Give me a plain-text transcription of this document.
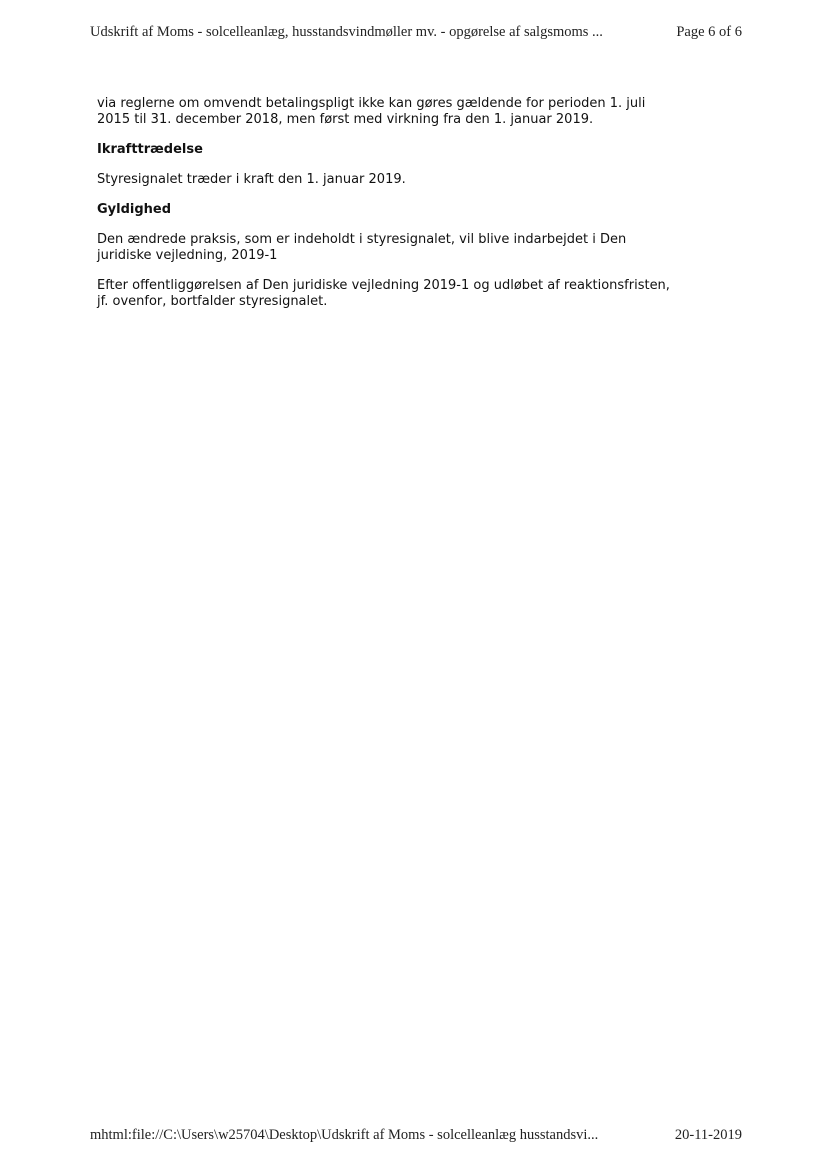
Udskrift af Moms - solcelleanlæg, husstandsvindmøller mv. - opgørelse af salgsmoms ...	Page 6 of 6

via reglerne om omvendt betalingspligt ikke kan gøres gældende for perioden 1. juli
2015 til 31. december 2018, men først med virkning fra den 1. januar 2019.

Ikrafttrædelse

Styresignalet træder i kraft den 1. januar 2019.

Gyldighed

Den ændrede praksis, som er indeholdt i styresignalet, vil blive indarbejdet i Den
juridiske vejledning, 2019-1

Efter offentliggørelsen af Den juridiske vejledning 2019-1 og udløbet af reaktionsfristen,
jf. ovenfor, bortfalder styresignalet.

mhtml:file://C:\Users\w25704\Desktop\Udskrift af Moms - solcelleanlæg husstandsvi...	20-11-2019
